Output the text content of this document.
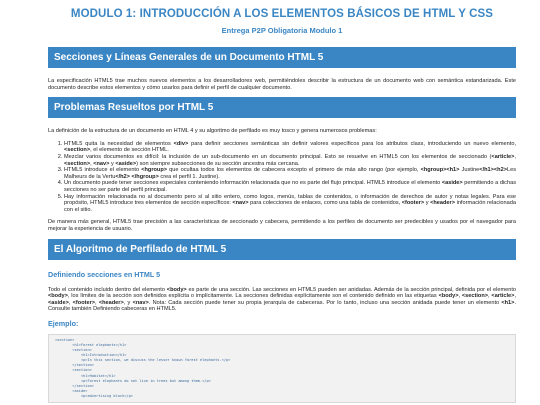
MODULO 1: INTRODUCCIÓN A LOS ELEMENTOS BÁSICOS DE HTML Y CSS
Entrega P2P Obligatoria Modulo 1
Secciones y Líneas Generales de un Documento HTML 5

La especificación HTML5 trae muchos nuevos elementos a los desarrolladores web, permitiéndoles describir la estructura de un documento web con semántica estandarizada. Este documento describe estos elementos y cómo usarlos para definir el perfil de cualquier documento.

Problemas Resueltos por HTML 5

La definición de la estructura de un documento en HTML 4 y su algoritmo de perfilado es muy tosco y genera numerosos problemas:

1. HTML5 quita la necesidad de elementos <div> para definir secciones semánticas sin definir valores específicos para los atributos class, introduciendo un nuevo elemento, <section>, el elemento de sección HTML.
2. Mezclar varios documentos es difícil: la inclusión de un sub-documento en un documento principal. Esto se resuelve en HTML5 con los elementos de seccionado (<article>, <section>, <nav> y <aside>) son siempre subsecciones de su sección ancestra más cercana.
3. HTML5 introduce el elemento <hgroup> que ocultaa todos los elementos de cabecera excepto el primero de más alto rango (por ejemplo, <hgroup><h1> Justine</h1><h2>Les Malheurs de la Vertu</h2> </hgroup> crea el perfil 1. Justine).
4. Un documento puede tener secciones especiales conteniendo información relacionada que no es parte del flujo principal. HTML5 introduce el elemento <aside> permitiendo a dichas secciones no ser parte del perfil principal.
5. Hay información relacionada no al documento pero sí al sitio entero, como logos, menús, tablas de contenidos, o información de derechos de autor y notas legales. Para ese propósito, HTML5 introduce tres elementos de sección específicos: <nav> para colecciones de enlaces, como una tabla de contenidos, <footer> y <header> información relacionada con el sitio.

De manera más general, HTML5 trae precisión a las características de seccionado y cabecera, permitiendo a los perfiles de documento ser predecibles y usados por el navegador para mejorar la experiencia de usuario.

El Algoritmo de Perfilado de HTML 5
Definiendo secciones en HTML 5

Todo el contenido incluido dentro del elemento <body> es parte de una sección. Las secciones en HTML5 pueden ser anidadas. Además de la sección principal, definida por el elemento <body>, los límites de la sección son definidos explícita o implícitamente. La secciones definidas explícitamente son el contenido definido en las etiquetas <body>, <section>, <article>, <aside>, <footer>, <header>, y <nav>. Nota: Cada sección puede tener su propia jerarquía de cabeceras. Por lo tanto, incluso una sección anidada puede tener un elemento <h1>. Consulte también Definiendo cabeceras en HTML5.

Ejemplo:
<section>
<h1>Forest elephants</h1>
<section>
<h1>Introduction</h1>
<p>In this section, we discuss the lesser known forest elephants.</p>
</section>
<section>
<h1>Habitat</h1>
<p>Forest elephants do not live in trees but among them.</p>
</section>
<aside>
<p>advertising block</p>
